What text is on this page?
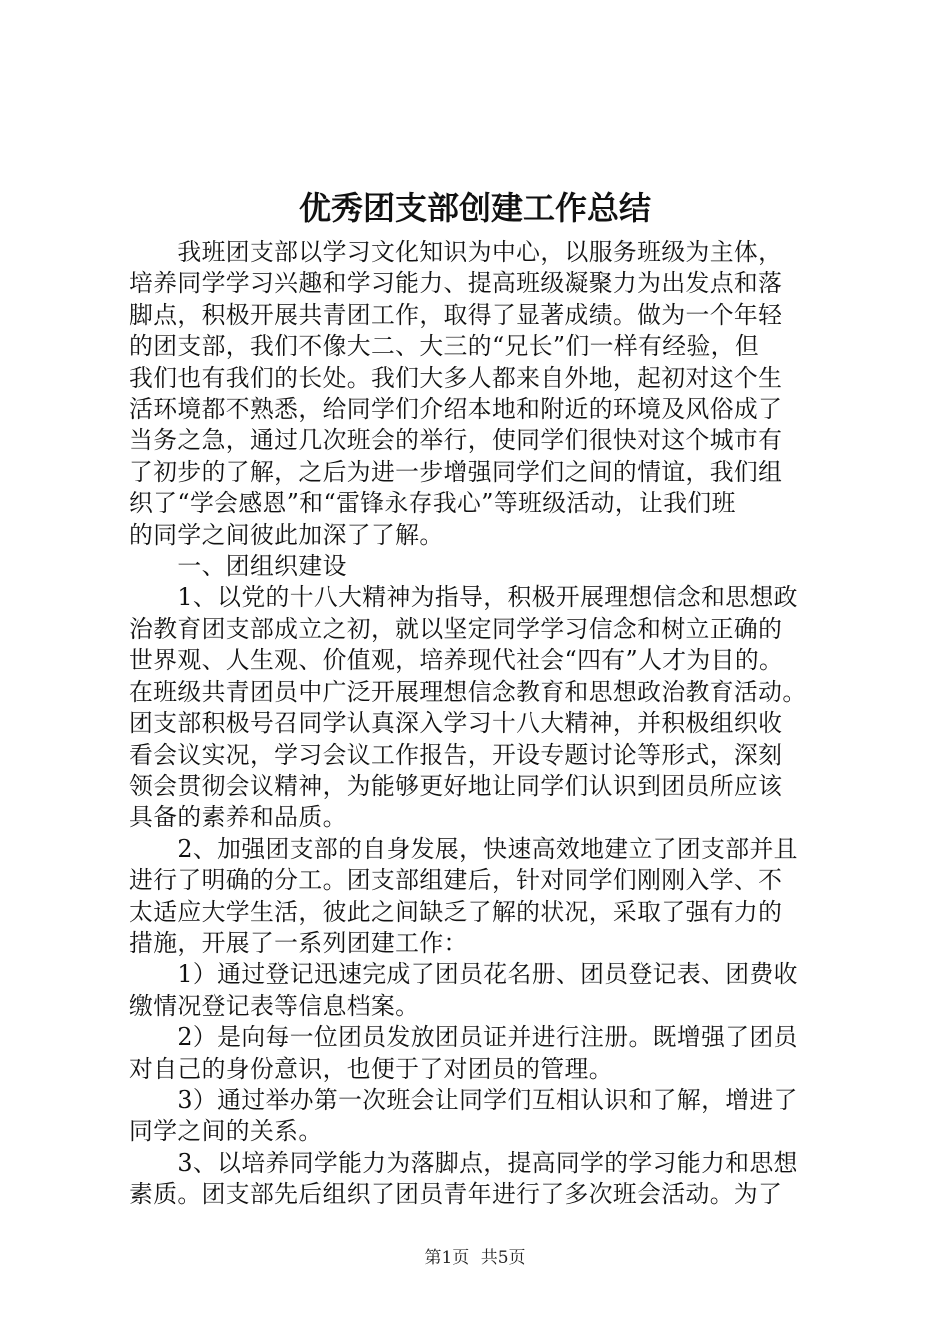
优秀团支部创建工作总结

　　我班团支部以学习文化知识为中心，以服务班级为主体，

培养同学学习兴趣和学习能力、提高班级凝聚力为出发点和落

脚点，积极开展共青团工作，取得了显著成绩。做为一个年轻

的团支部，我们不像大二、大三的“兄长”们一样有经验，但

我们也有我们的长处。我们大多人都来自外地，起初对这个生

活环境都不熟悉，给同学们介绍本地和附近的环境及风俗成了

当务之急，通过几次班会的举行，使同学们很快对这个城市有

了初步的了解，之后为进一步增强同学们之间的情谊，我们组

织了“学会感恩”和“雷锋永存我心”等班级活动，让我们班

的同学之间彼此加深了了解。

　　一、团组织建设

　　1、以党的十八大精神为指导，积极开展理想信念和思想政

治教育团支部成立之初，就以坚定同学学习信念和树立正确的

世界观、人生观、价值观，培养现代社会“四有”人才为目的。

在班级共青团员中广泛开展理想信念教育和思想政治教育活动。

团支部积极号召同学认真深入学习十八大精神，并积极组织收

看会议实况，学习会议工作报告，开设专题讨论等形式，深刻

领会贯彻会议精神，为能够更好地让同学们认识到团员所应该

具备的素养和品质。

　　2、加强团支部的自身发展，快速高效地建立了团支部并且

进行了明确的分工。团支部组建后，针对同学们刚刚入学、不

太适应大学生活，彼此之间缺乏了解的状况，采取了强有力的

措施，开展了一系列团建工作：

　　1）通过登记迅速完成了团员花名册、团员登记表、团费收

缴情况登记表等信息档案。

　　2）是向每一位团员发放团员证并进行注册。既增强了团员

对自己的身份意识，也便于了对团员的管理。

　　3）通过举办第一次班会让同学们互相认识和了解，增进了

同学之间的关系。

　　3、以培养同学能力为落脚点，提高同学的学习能力和思想

素质。团支部先后组织了团员青年进行了多次班会活动。为了

第1页 共5页
